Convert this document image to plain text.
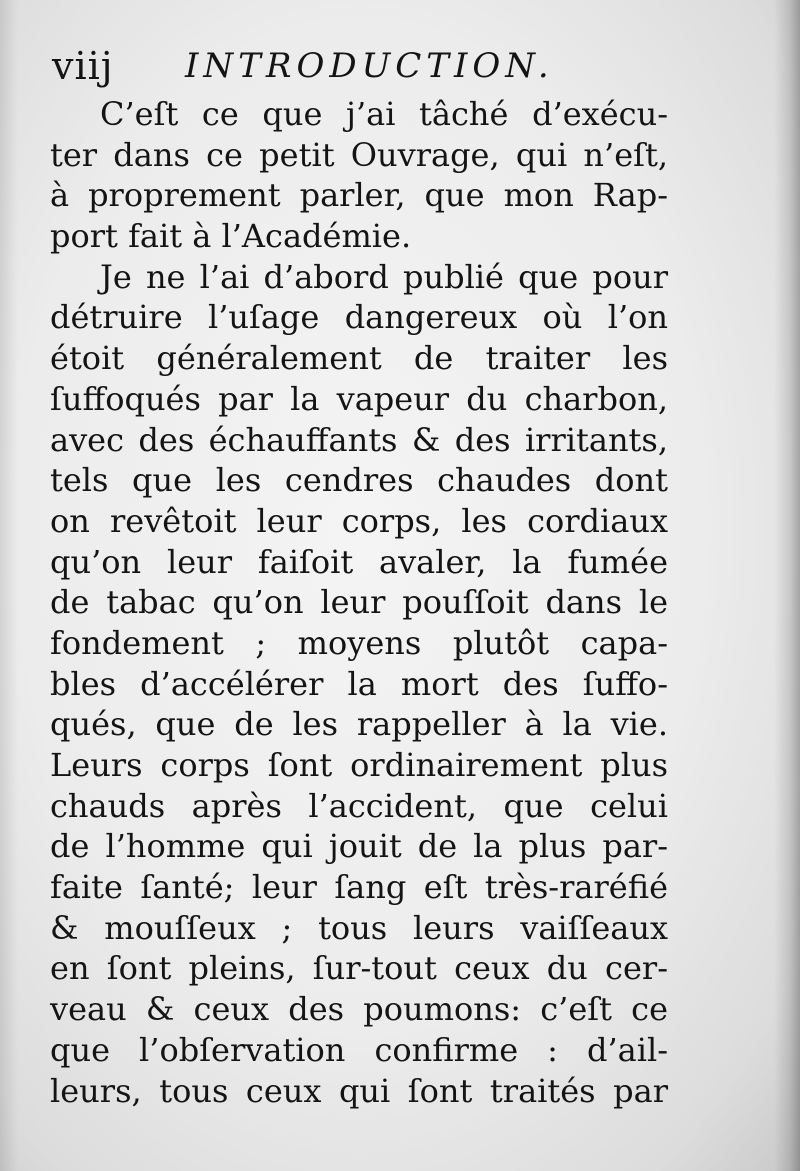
viij INTRODUCTION.
C’eſt ce que j’ai tâché d’exécu-
ter dans ce petit Ouvrage, qui n’eſt,
à proprement parler, que mon Rap-
port fait à l’Académie.
Je ne l’ai d’abord publié que pour
détruire l’uſage dangereux où l’on
étoit généralement de traiter les
ſuffoqués par la vapeur du charbon,
avec des échauffants & des irritants,
tels que les cendres chaudes dont
on revêtoit leur corps, les cordiaux
qu’on leur faiſoit avaler, la fumée
de tabac qu’on leur pouſſoit dans le
fondement ; moyens plutôt capa-
bles d’accélérer la mort des ſuffo-
qués, que de les rappeller à la vie.
Leurs corps ſont ordinairement plus
chauds après l’accident, que celui
de l’homme qui jouit de la plus par-
faite ſanté; leur ſang eſt très-raréfié
& mouſſeux ; tous leurs vaiſſeaux
en ſont pleins, ſur-tout ceux du cer-
veau & ceux des poumons: c’eſt ce
que l’obſervation confirme : d’ail-
leurs, tous ceux qui ſont traités par
